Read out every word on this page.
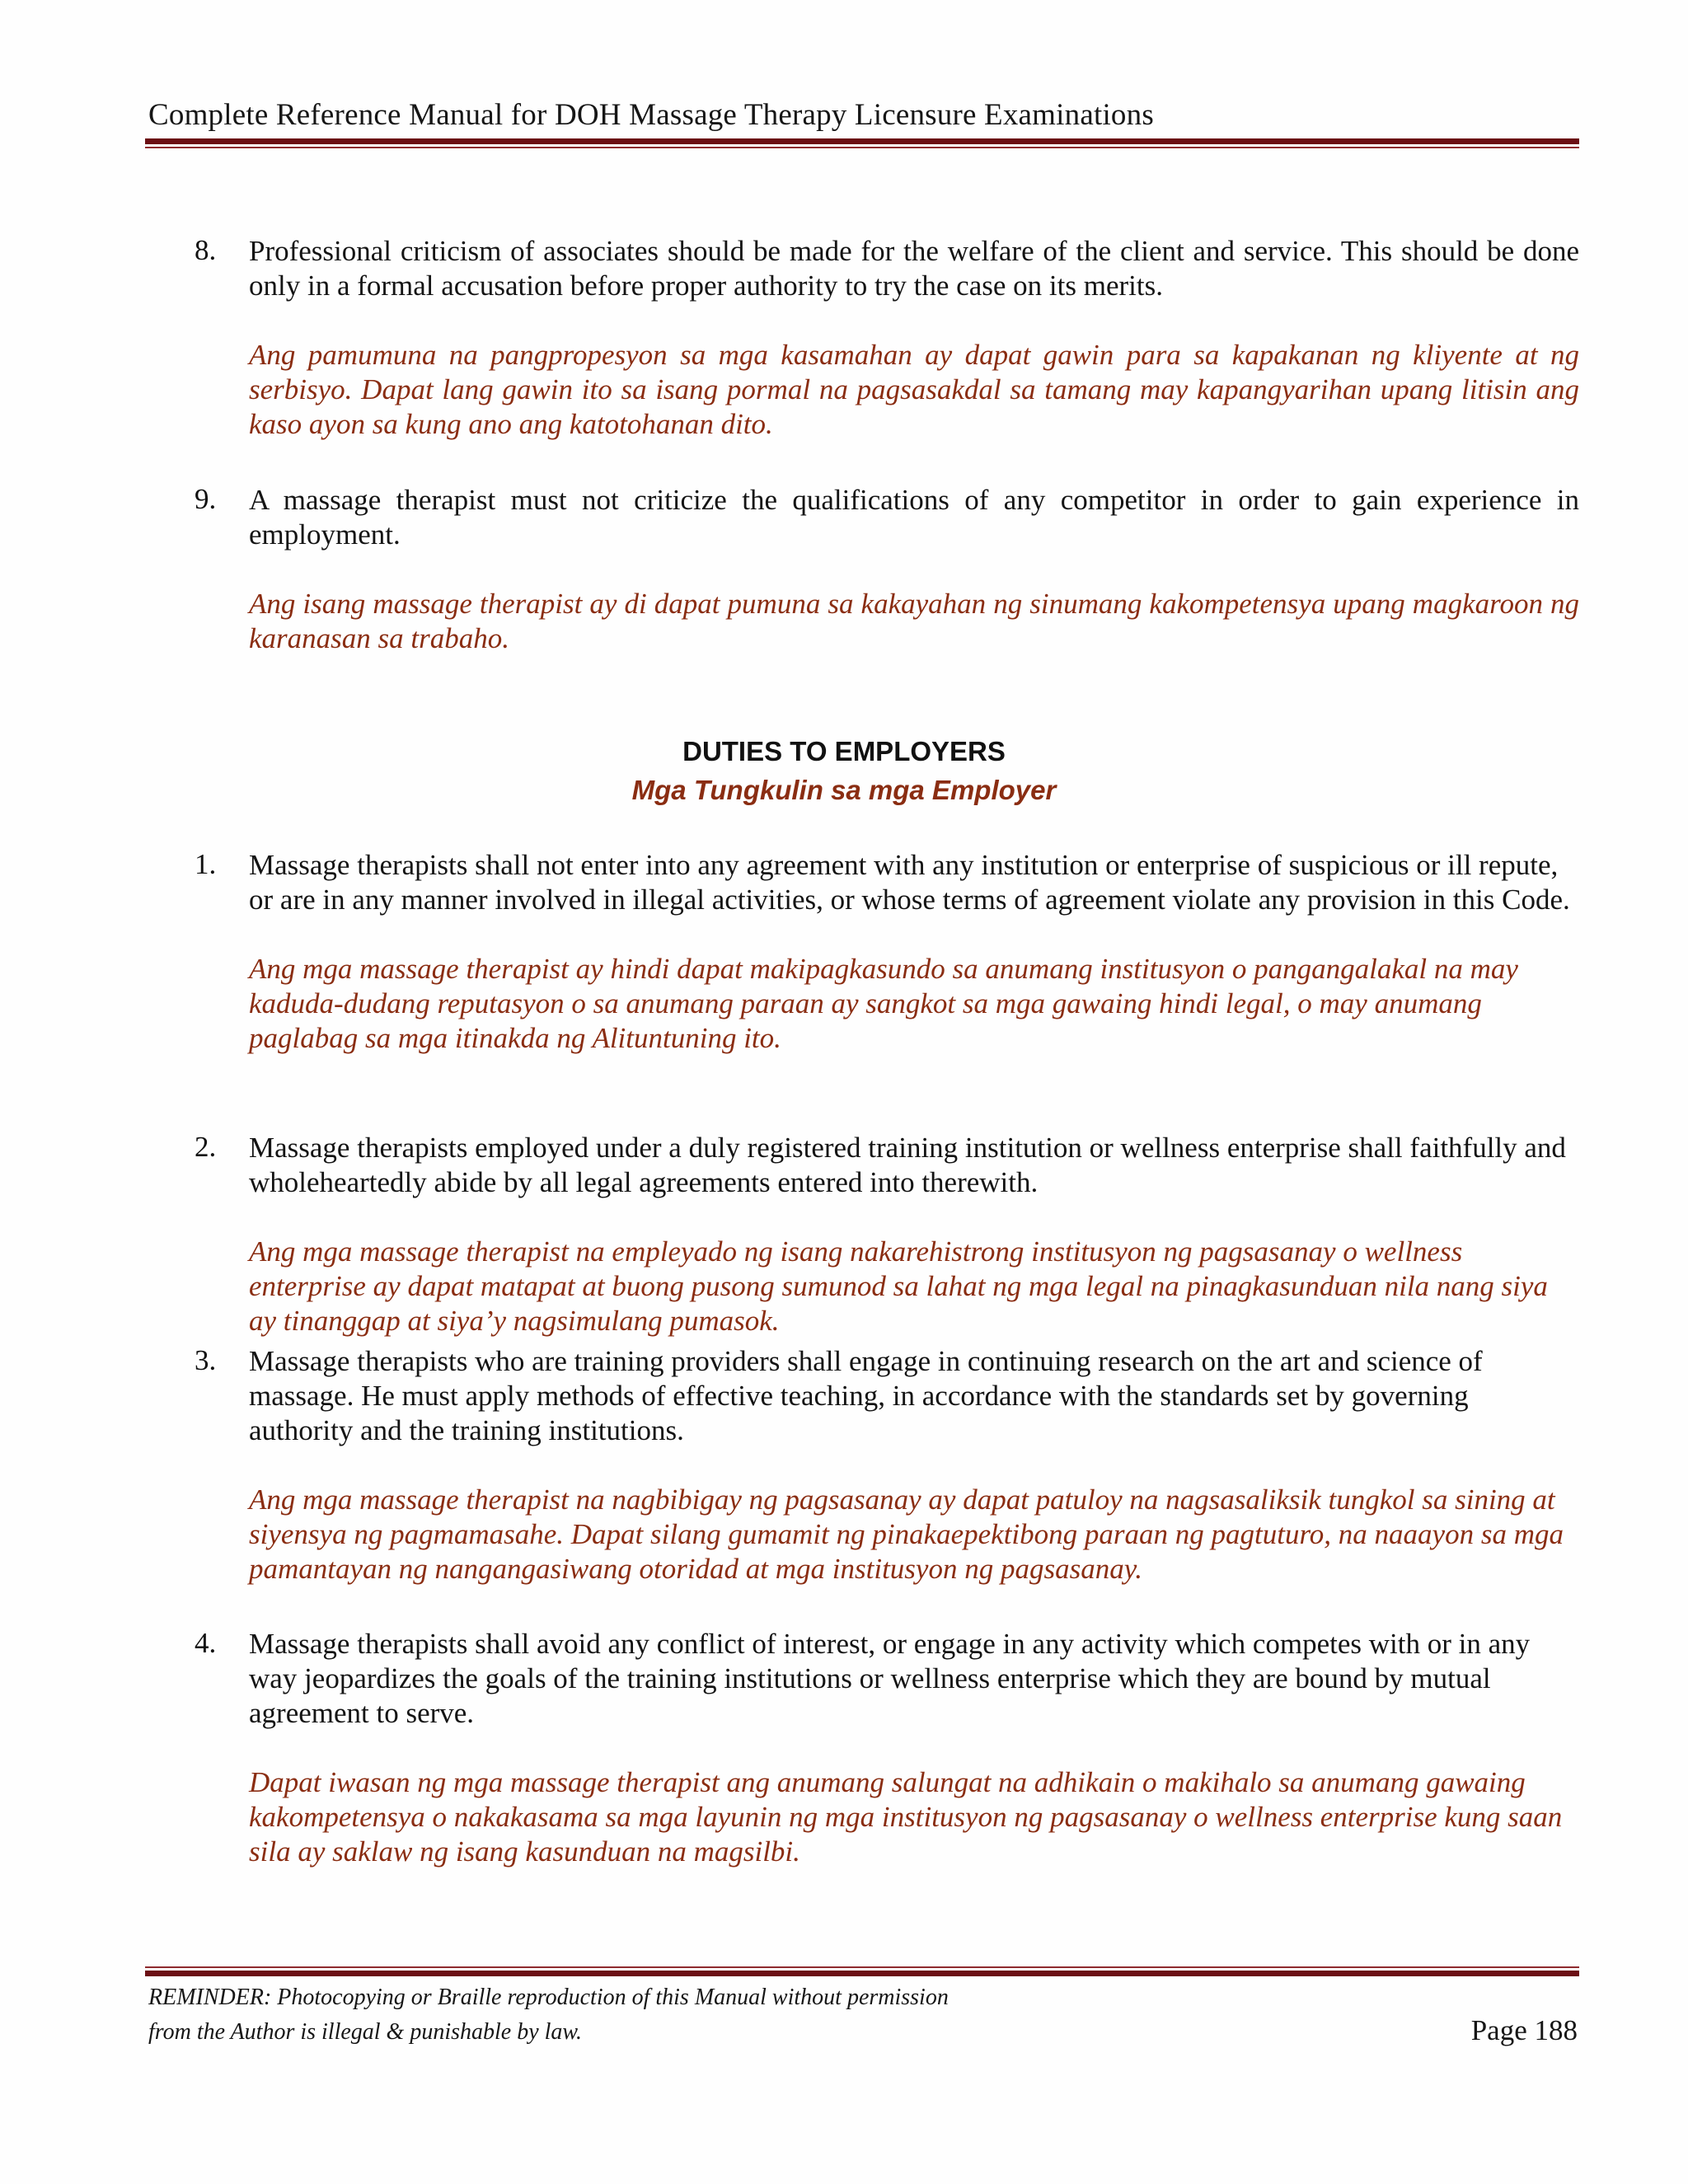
Complete Reference Manual for DOH Massage Therapy Licensure Examinations
8. Professional criticism of associates should be made for the welfare of the client and service. This should be done only in a formal accusation before proper authority to try the case on its merits.
Ang pamumuna na pangpropesyon sa mga kasamahan ay dapat gawin para sa kapakanan ng kliyente at ng serbisyo. Dapat lang gawin ito sa isang pormal na pagsasakdal sa tamang may kapangyarihan upang litisin ang kaso ayon sa kung ano ang katotohanan dito.
9. A massage therapist must not criticize the qualifications of any competitor in order to gain experience in employment.
Ang isang massage therapist ay di dapat pumuna sa kakayahan ng sinumang kakompetensya upang magkaroon ng karanasan sa trabaho.
DUTIES TO EMPLOYERS
Mga Tungkulin sa mga Employer
1. Massage therapists shall not enter into any agreement with any institution or enterprise of suspicious or ill repute, or are in any manner involved in illegal activities, or whose terms of agreement violate any provision in this Code.
Ang mga massage therapist ay hindi dapat makipagkasundo sa anumang institusyon o pangangalakal na may kaduda-dudang reputasyon o sa anumang paraan ay sangkot sa mga gawaing hindi legal, o may anumang paglabag sa mga itinakda ng Alituntuning ito.
2. Massage therapists employed under a duly registered training institution or wellness enterprise shall faithfully and wholeheartedly abide by all legal agreements entered into therewith.
Ang mga massage therapist na empleyado ng isang nakarehistrong institusyon ng pagsasanay o wellness enterprise ay dapat matapat at buong pusong sumunod sa lahat ng mga legal na pinagkasunduan nila nang siya ay tinanggap at siya’y nagsimulang pumasok.
3. Massage therapists who are training providers shall engage in continuing research on the art and science of massage. He must apply methods of effective teaching, in accordance with the standards set by governing authority and the training institutions.
Ang mga massage therapist na nagbibigay ng pagsasanay ay dapat patuloy na nagsasaliksik tungkol sa sining at siyensya ng pagmamasahe. Dapat silang gumamit ng pinakaepektibong paraan ng pagtuturo, na naaayon sa mga pamantayan ng nangangasiwang otoridad at mga institusyon ng pagsasanay.
4. Massage therapists shall avoid any conflict of interest, or engage in any activity which competes with or in any way jeopardizes the goals of the training institutions or wellness enterprise which they are bound by mutual agreement to serve.
Dapat iwasan ng mga massage therapist ang anumang salungat na adhikain o makihalo sa anumang gawaing kakompetensya o nakakasama sa mga layunin ng mga institusyon ng pagsasanay o wellness enterprise kung saan sila ay saklaw ng isang kasunduan na magsilbi.
REMINDER: Photocopying or Braille reproduction of this Manual without permission
from the Author is illegal & punishable by law.	Page 188
